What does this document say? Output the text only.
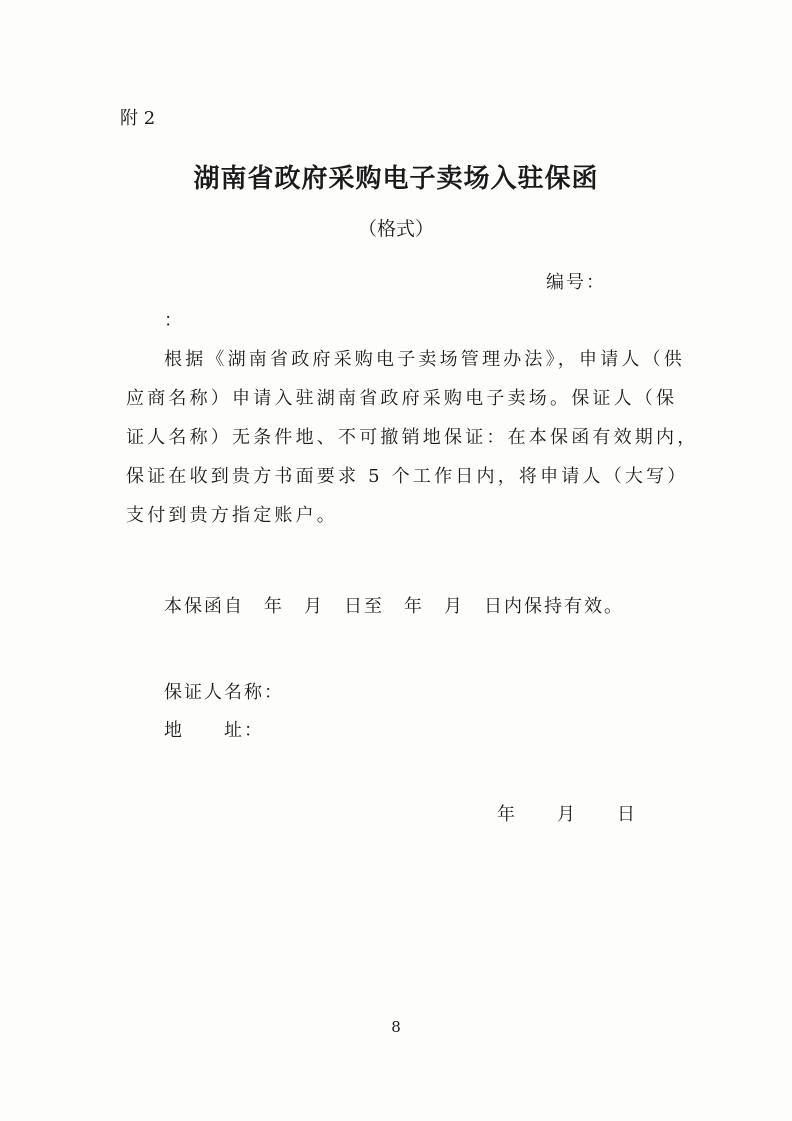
附 2
湖南省政府采购电子卖场入驻保函
（格式）
编号：
：
根据《湖南省政府采购电子卖场管理办法》，申请人（供
应商名称）申请入驻湖南省政府采购电子卖场。保证人（保
证人名称）无条件地、不可撤销地保证：在本保函有效期内，
保证在收到贵方书面要求 5 个工作日内，将申请人（大写）
支付到贵方指定账户。
本保函自　年　月　日至　年　月　日内保持有效。
保证人名称：
地　　址：
年　　月　　日
8
